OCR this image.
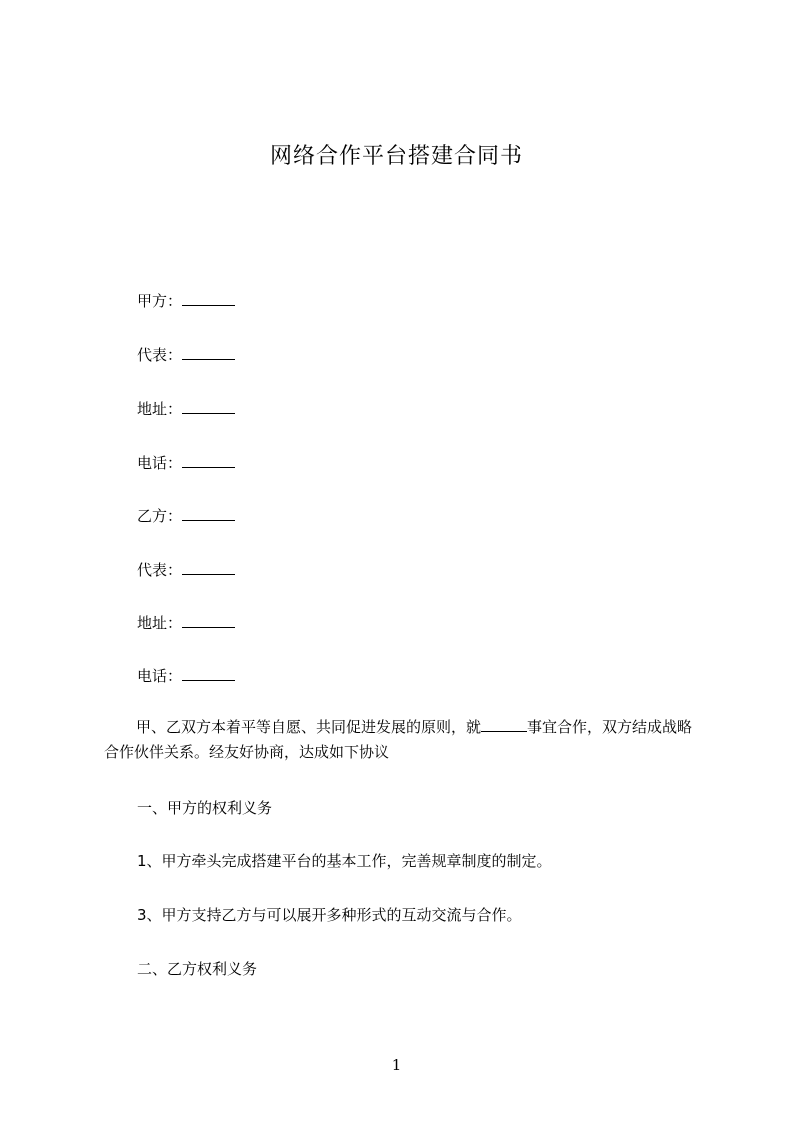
网络合作平台搭建合同书
甲方：
代表：
地址：
电话：
乙方：
代表：
地址：
电话：
甲、乙双方本着平等自愿、共同促进发展的原则，就	事宜合作，双方结成战略合作伙伴关系。经友好协商，达成如下协议
一、甲方的权利义务
1、甲方牵头完成搭建平台的基本工作，完善规章制度的制定。
3、甲方支持乙方与可以展开多种形式的互动交流与合作。
二、乙方权利义务
1
